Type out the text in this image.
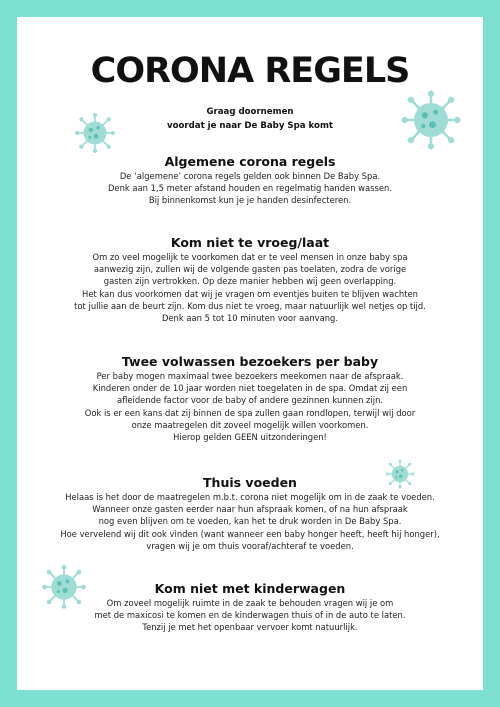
CORONA REGELS
Graag doornemen
voordat je naar De Baby Spa komt
Algemene corona regels

De ‘algemene’ corona regels gelden ook binnen De Baby Spa.

Denk aan 1,5 meter afstand houden en regelmatig handen wassen.

Bij binnenkomst kun je je handen desinfecteren.

Kom niet te vroeg/laat

Om zo veel mogelijk te voorkomen dat er te veel mensen in onze baby spa

aanwezig zijn, zullen wij de volgende gasten pas toelaten, zodra de vorige

gasten zijn vertrokken. Op deze manier hebben wij geen overlapping.

Het kan dus voorkomen dat wij je vragen om eventjes buiten te blijven wachten

tot jullie aan de beurt zijn. Kom dus niet te vroeg, maar natuurlijk wel netjes op tijd.

Denk aan 5 tot 10 minuten voor aanvang.

Twee volwassen bezoekers per baby

Per baby mogen maximaal twee bezoekers meekomen naar de afspraak.

Kinderen onder de 10 jaar worden niet toegelaten in de spa. Omdat zij een

afleidende factor voor de baby of andere gezinnen kunnen zijn.

Ook is er een kans dat zij binnen de spa zullen gaan rondlopen, terwijl wij door

onze maatregelen dit zoveel mogelijk willen voorkomen.

Hierop gelden GEEN uitzonderingen!

Thuis voeden

Helaas is het door de maatregelen m.b.t. corona niet mogelijk om in de zaak te voeden.

Wanneer onze gasten eerder naar hun afspraak komen, of na hun afspraak

nog even blijven om te voeden, kan het te druk worden in De Baby Spa.

Hoe vervelend wij dit ook vinden (want wanneer een baby honger heeft, heeft hij honger),

vragen wij je om thuis vooraf/achteraf te voeden.

Kom niet met kinderwagen

Om zoveel mogelijk ruimte in de zaak te behouden vragen wij je om

met de maxicosi te komen en de kinderwagen thuis of in de auto te laten.

Tenzij je met het openbaar vervoer komt natuurlijk.
